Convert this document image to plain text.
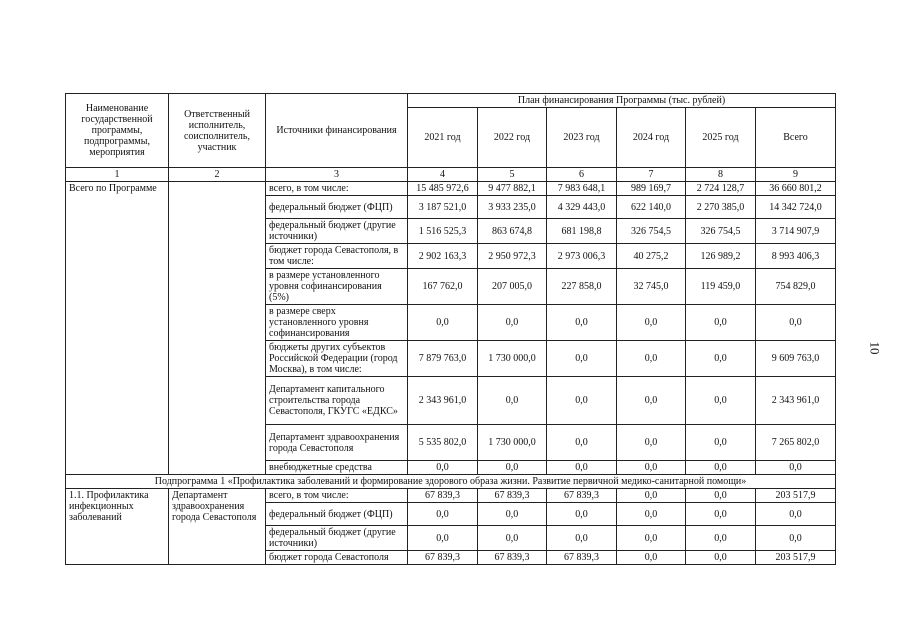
Наименование государственной программы, подпрограммы, мероприятия	Ответственный исполнитель, соисполнитель, участник	Источники финансирования	План финансирования Программы (тыс. рублей)					
			2021 год	2022 год	2023 год	2024 год	2025 год	Всего
1	2	3	4	5	6	7	8	9
Всего по Программе		всего, в том числе:	15 485 972,6	9 477 882,1	7 983 648,1	989 169,7	2 724 128,7	36 660 801,2
		федеральный бюджет (ФЦП)	3 187 521,0	3 933 235,0	4 329 443,0	622 140,0	2 270 385,0	14 342 724,0
		федеральный бюджет (другие источники)	1 516 525,3	863 674,8	681 198,8	326 754,5	326 754,5	3 714 907,9
		бюджет города Севастополя, в том числе:	2 902 163,3	2 950 972,3	2 973 006,3	40 275,2	126 989,2	8 993 406,3
		в размере установленного уровня софинансирования (5%)	167 762,0	207 005,0	227 858,0	32 745,0	119 459,0	754 829,0
		в размере сверх установленного уровня софинансирования	0,0	0,0	0,0	0,0	0,0	0,0
		бюджеты других субъектов Российской Федерации (город Москва), в том числе:	7 879 763,0	1 730 000,0	0,0	0,0	0,0	9 609 763,0
		Департамент капитального строительства города Севастополя, ГКУГС «ЕДКС»	2 343 961,0	0,0	0,0	0,0	0,0	2 343 961,0
		Департамент здравоохранения города Севастополя	5 535 802,0	1 730 000,0	0,0	0,0	0,0	7 265 802,0
		внебюджетные средства	0,0	0,0	0,0	0,0	0,0	0,0
Подпрограмма 1 «Профилактика заболеваний и формирование здорового образа жизни. Развитие первичной медико-санитарной помощи»								
1.1. Профилактика инфекционных заболеваний	Департамент здравоохранения города Севастополя	всего, в том числе:	67 839,3	67 839,3	67 839,3	0,0	0,0	203 517,9
		федеральный бюджет (ФЦП)	0,0	0,0	0,0	0,0	0,0	0,0
		федеральный бюджет (другие источники)	0,0	0,0	0,0	0,0	0,0	0,0
		бюджет города Севастополя	67 839,3	67 839,3	67 839,3	0,0	0,0	203 517,9
10
